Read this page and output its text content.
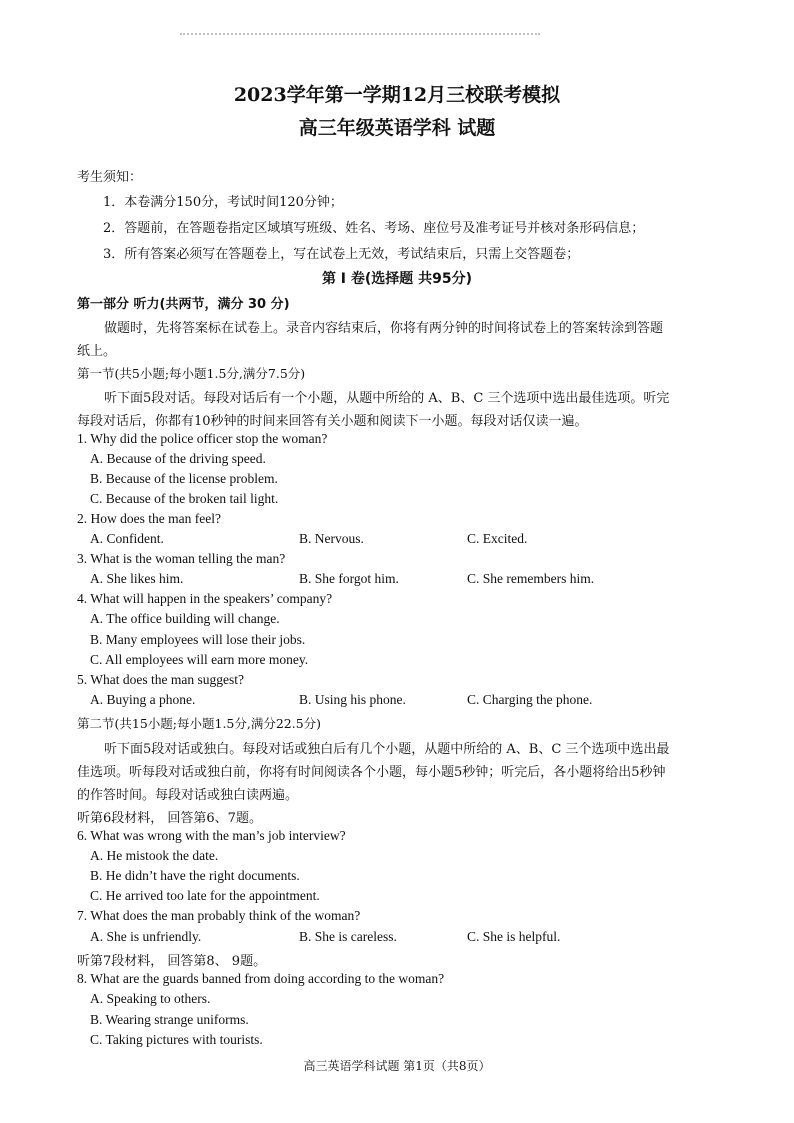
2023学年第一学期12月三校联考模拟
高三年级英语学科 试题
考生须知：
1．本卷满分150分，考试时间120分钟；
2．答题前，在答题卷指定区域填写班级、姓名、考场、座位号及准考证号并核对条形码信息；
3．所有答案必须写在答题卷上，写在试卷上无效，考试结束后，只需上交答题卷；
第 Ⅰ 卷(选择题 共95分)
第一部分 听力(共两节，满分 30 分)
做题时，先将答案标在试卷上。录音内容结束后，你将有两分钟的时间将试卷上的答案转涂到答题
纸上。
第一节(共5小题;每小题1.5分,满分7.5分)
听下面5段对话。每段对话后有一个小题，从题中所给的 A、B、C 三个选项中选出最佳选项。听完
每段对话后，你都有10秒钟的时间来回答有关小题和阅读下一小题。每段对话仅读一遍。
1. Why did the police officer stop the woman?
A. Because of the driving speed.
B. Because of the license problem.
C. Because of the broken tail light.
2. How does the man feel?
A. Confident.	B. Nervous.	C. Excited.
3. What is the woman telling the man?
A. She likes him.	B. She forgot him.	C. She remembers him.
4. What will happen in the speakers’ company?
A. The office building will change.
B. Many employees will lose their jobs.
C. All employees will earn more money.
5. What does the man suggest?
A. Buying a phone.	B. Using his phone.	C. Charging the phone.
第二节(共15小题;每小题1.5分,满分22.5分)
听下面5段对话或独白。每段对话或独白后有几个小题，从题中所给的 A、B、C 三个选项中选出最
佳选项。听每段对话或独白前，你将有时间阅读各个小题，每小题5秒钟；听完后，各小题将给出5秒钟
的作答时间。每段对话或独白读两遍。
听第6段材料， 回答第6、7题。
6. What was wrong with the man’s job interview?
A. He mistook the date.
B. He didn’t have the right documents.
C. He arrived too late for the appointment.
7. What does the man probably think of the woman?
A. She is unfriendly.	B. She is careless.	C. She is helpful.
听第7段材料， 回答第8、 9题。
8. What are the guards banned from doing according to the woman?
A. Speaking to others.
B. Wearing strange uniforms.
C. Taking pictures with tourists.
高三英语学科试题 第1页（共8页）
